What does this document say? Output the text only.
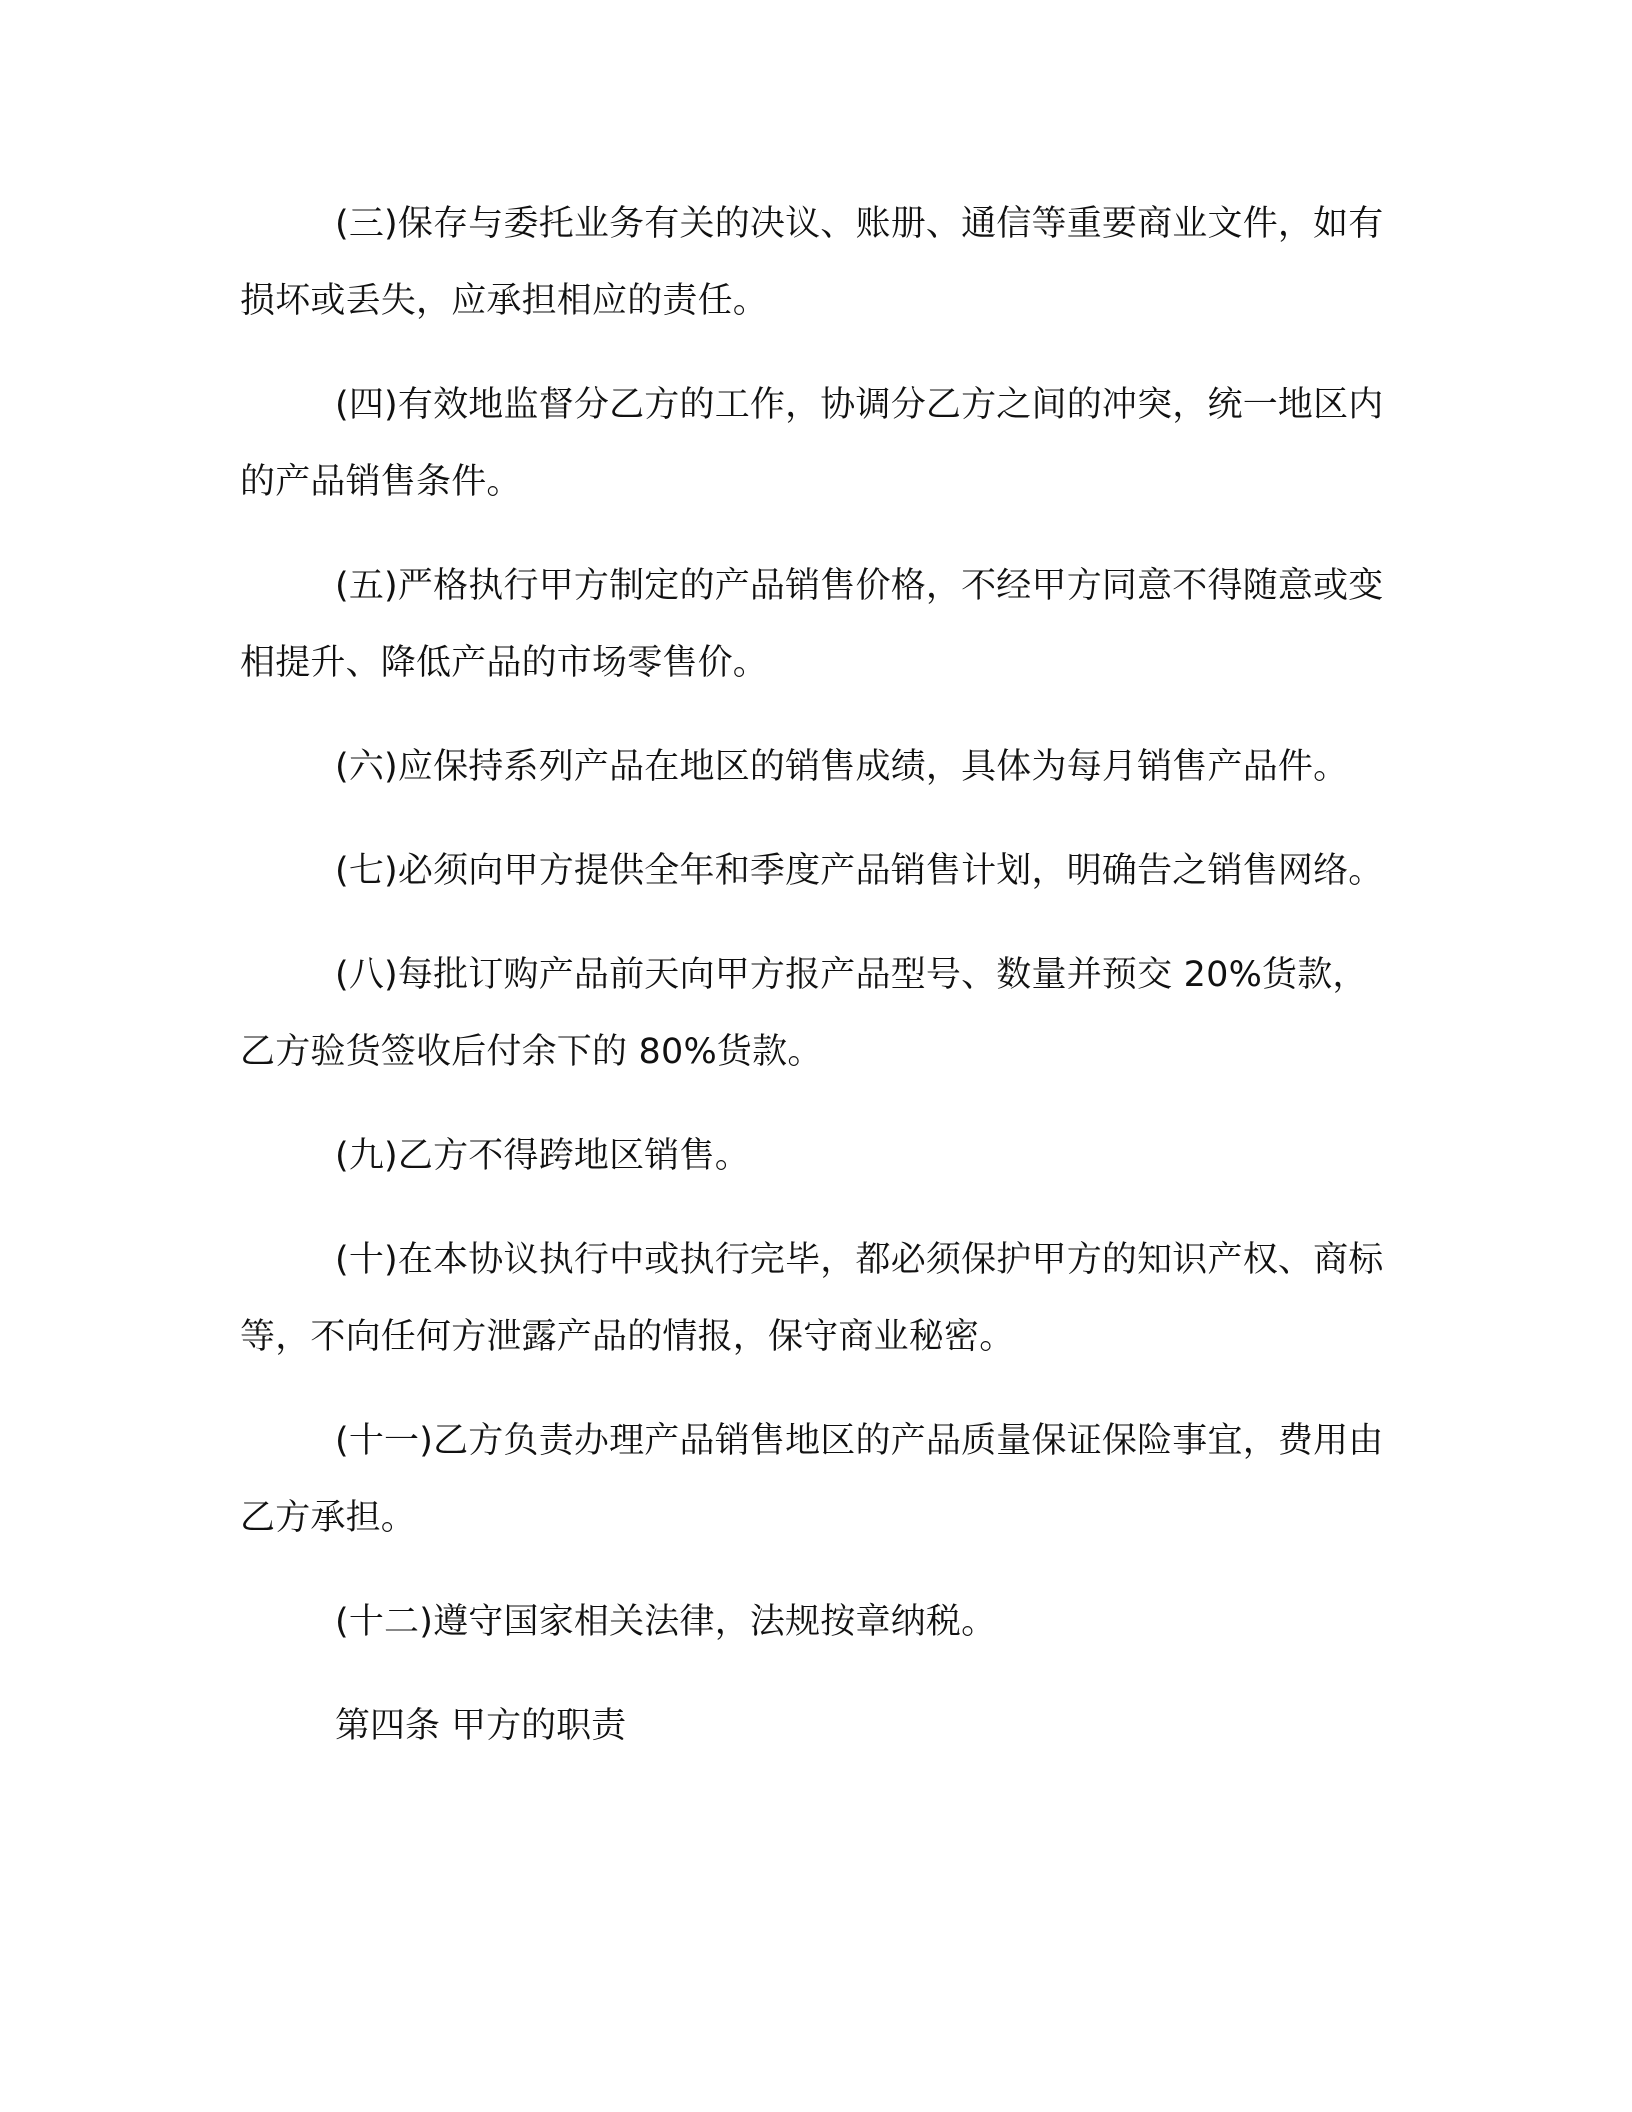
(三)保存与委托业务有关的决议、账册、通信等重要商业文件，如有损坏或丢失，应承担相应的责任。

(四)有效地监督分乙方的工作，协调分乙方之间的冲突，统一地区内的产品销售条件。

(五)严格执行甲方制定的产品销售价格，不经甲方同意不得随意或变相提升、降低产品的市场零售价。

(六)应保持系列产品在地区的销售成绩，具体为每月销售产品件。

(七)必须向甲方提供全年和季度产品销售计划，明确告之销售网络。

(八)每批订购产品前天向甲方报产品型号、数量并预交 20%货款，乙方验货签收后付余下的 80%货款。

(九)乙方不得跨地区销售。

(十)在本协议执行中或执行完毕，都必须保护甲方的知识产权、商标等，不向任何方泄露产品的情报，保守商业秘密。

(十一)乙方负责办理产品销售地区的产品质量保证保险事宜，费用由乙方承担。

(十二)遵守国家相关法律，法规按章纳税。

第四条 甲方的职责
